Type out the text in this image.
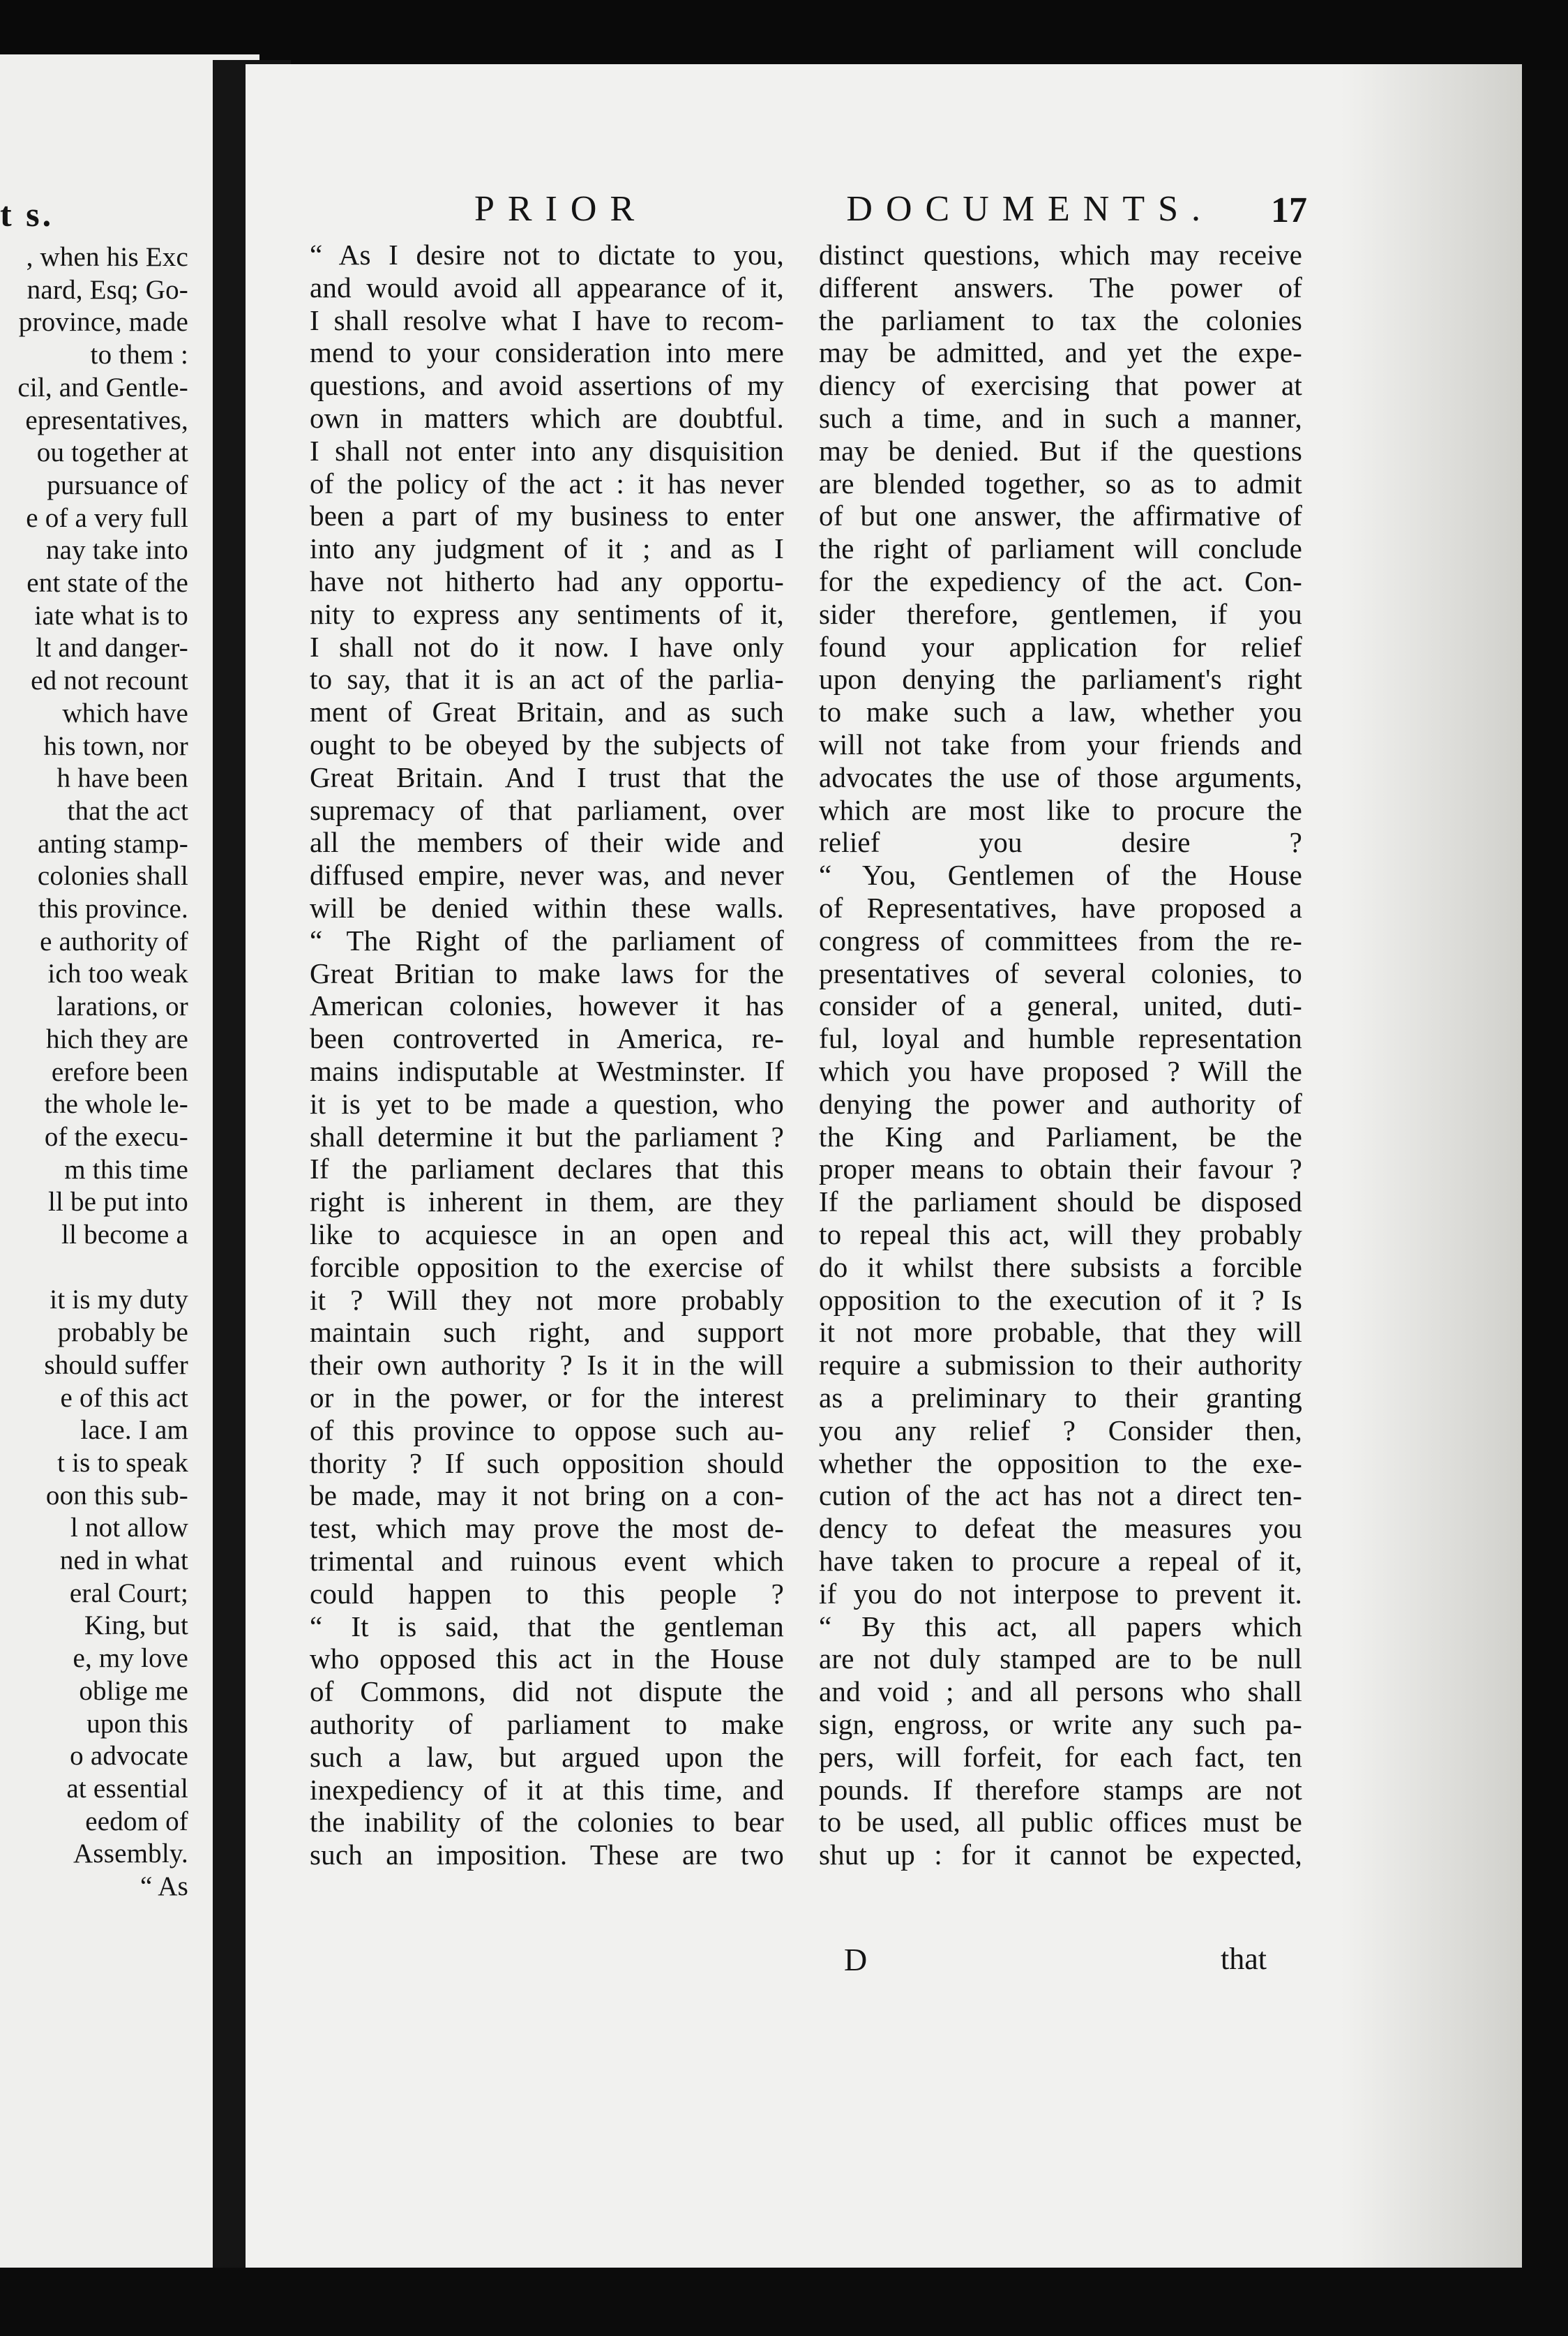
t s.
, when his Exc
nard, Esq; Go-
province, made
to them :
cil, and Gentle-
epresentatives,
ou together at
pursuance of
e of a very full
nay take into
ent state of the
iate what is to
lt and danger-
ed not recount
which have
his town, nor
h have been
that the act
anting stamp-
colonies shall
this province.
e authority of
ich too weak
larations, or
hich they are
erefore been
the whole le-
of the execu-
m this time
ll be put into
ll become a
it is my duty
probably be
should suffer
e of this act
lace. I am
t is to speak
oon this sub-
l not allow
ned in what
eral Court;
King, but
e, my love
oblige me
upon this
o advocate
at essential
eedom of
Assembly.
“ As
PRIOR DOCUMENTS. 17
“ As I desire not to dictate to you,
and would avoid all appearance of it,
I shall resolve what I have to recom-
mend to your consideration into mere
questions, and avoid assertions of my
own in matters which are doubtful.
I shall not enter into any disquisition
of the policy of the act : it has never
been a part of my business to enter
into any judgment of it ; and as I
have not hitherto had any opportu-
nity to express any sentiments of it,
I shall not do it now. I have only
to say, that it is an act of the parlia-
ment of Great Britain, and as such
ought to be obeyed by the subjects of
Great Britain. And I trust that the
supremacy of that parliament, over
all the members of their wide and
diffused empire, never was, and never
will be denied within these walls.
“ The Right of the parliament of
Great Britian to make laws for the
American colonies, however it has
been controverted in America, re-
mains indisputable at Westminster. If
it is yet to be made a question, who
shall determine it but the parliament ?
If the parliament declares that this
right is inherent in them, are they
like to acquiesce in an open and
forcible opposition to the exercise of
it ? Will they not more probably
maintain such right, and support
their own authority ? Is it in the will
or in the power, or for the interest
of this province to oppose such au-
thority ? If such opposition should
be made, may it not bring on a con-
test, which may prove the most de-
trimental and ruinous event which
could happen to this people ?
“ It is said, that the gentleman
who opposed this act in the House
of Commons, did not dispute the
authority of parliament to make
such a law, but argued upon the
inexpediency of it at this time, and
the inability of the colonies to bear
such an imposition. These are two
distinct questions, which may receive
different answers. The power of
the parliament to tax the colonies
may be admitted, and yet the expe-
diency of exercising that power at
such a time, and in such a manner,
may be denied. But if the questions
are blended together, so as to admit
of but one answer, the affirmative of
the right of parliament will conclude
for the expediency of the act. Con-
sider therefore, gentlemen, if you
found your application for relief
upon denying the parliament's right
to make such a law, whether you
will not take from your friends and
advocates the use of those arguments,
which are most like to procure the
relief you desire ?
“ You, Gentlemen of the House
of Representatives, have proposed a
congress of committees from the re-
presentatives of several colonies, to
consider of a general, united, duti-
ful, loyal and humble representation
which you have proposed ? Will the
denying the power and authority of
the King and Parliament, be the
proper means to obtain their favour ?
If the parliament should be disposed
to repeal this act, will they probably
do it whilst there subsists a forcible
opposition to the execution of it ? Is
it not more probable, that they will
require a submission to their authority
as a preliminary to their granting
you any relief ? Consider then,
whether the opposition to the exe-
cution of the act has not a direct ten-
dency to defeat the measures you
have taken to procure a repeal of it,
if you do not interpose to prevent it.
“ By this act, all papers which
are not duly stamped are to be null
and void ; and all persons who shall
sign, engross, or write any such pa-
pers, will forfeit, for each fact, ten
pounds. If therefore stamps are not
to be used, all public offices must be
shut up : for it cannot be expected,
D	that
